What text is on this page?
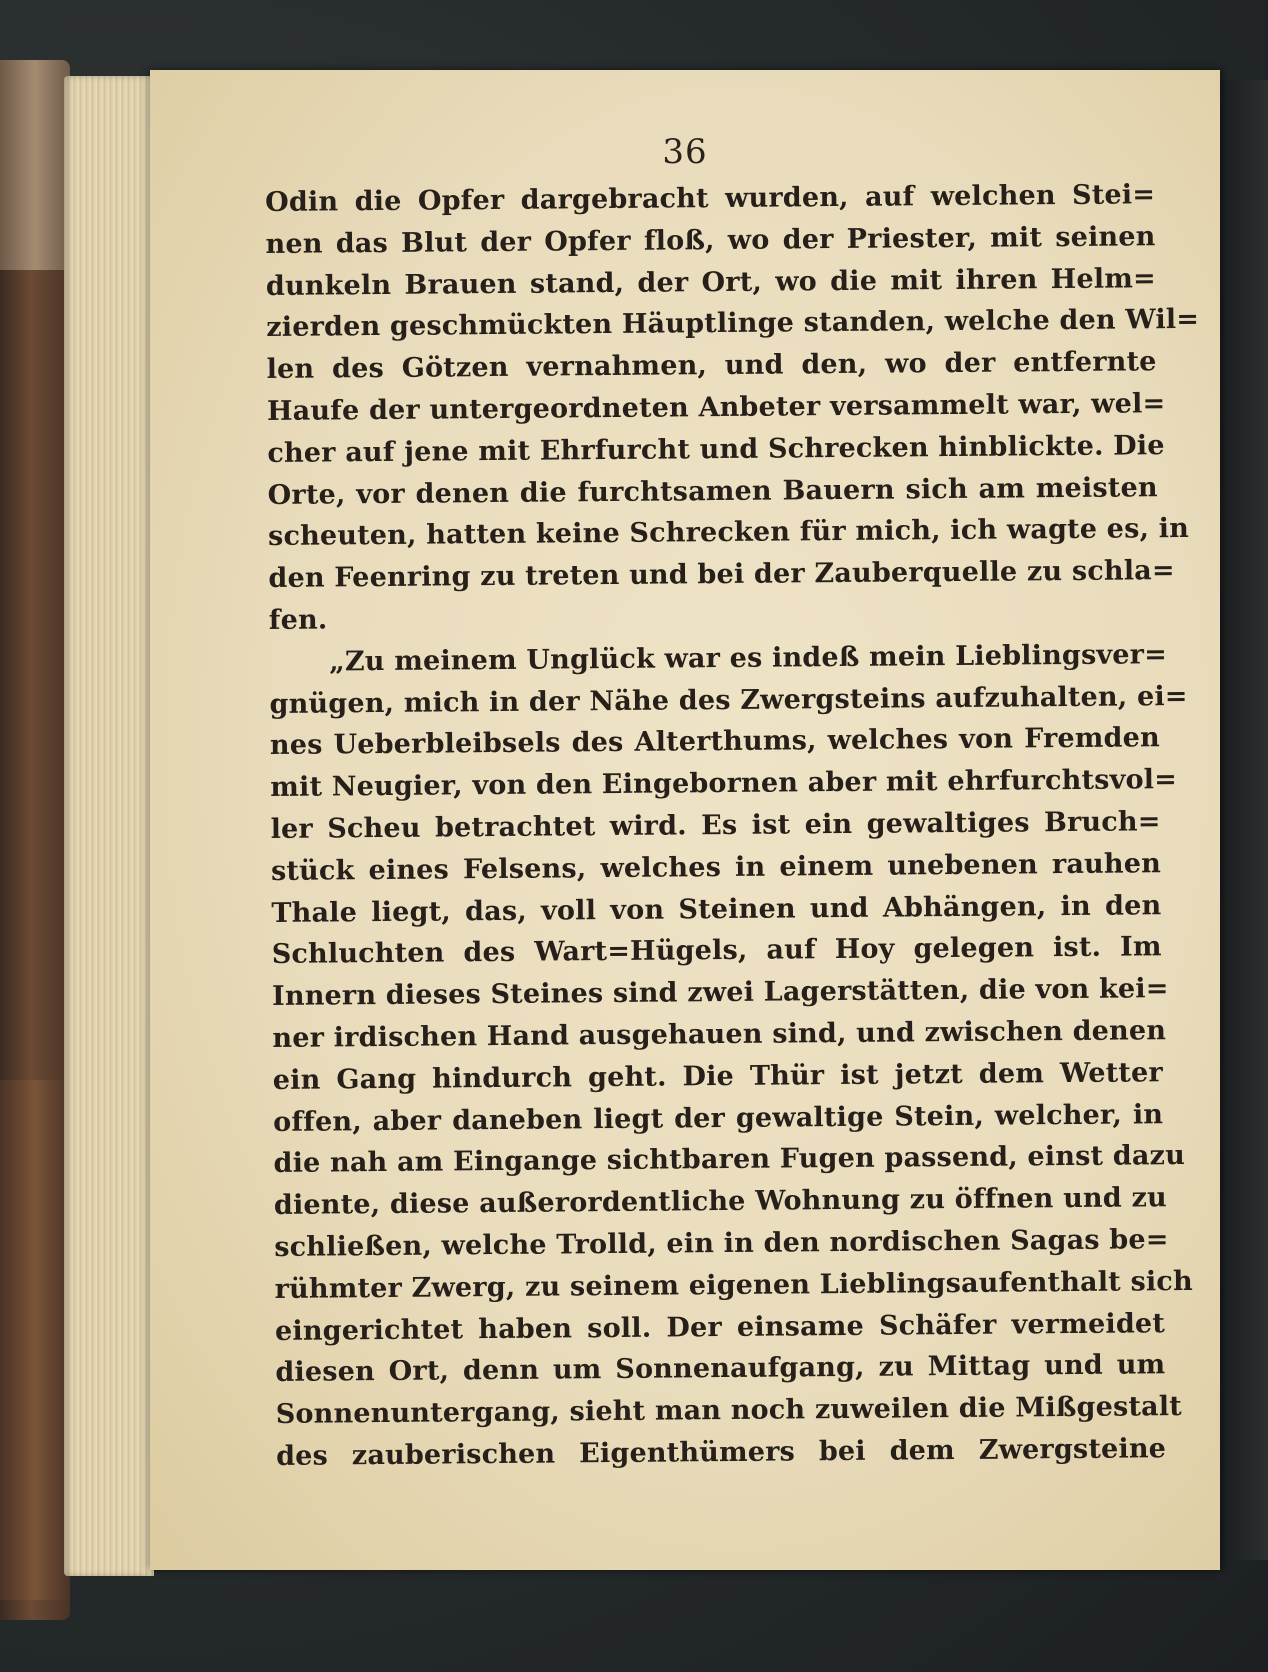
36

Odin die Opfer dargebracht wurden, auf welchen Stei=
nen das Blut der Opfer floß, wo der Priester, mit seinen
dunkeln Brauen stand, der Ort, wo die mit ihren Helm=
zierden geschmückten Häuptlinge standen, welche den Wil=
len des Götzen vernahmen, und den, wo der entfernte
Haufe der untergeordneten Anbeter versammelt war, wel=
cher auf jene mit Ehrfurcht und Schrecken hinblickte. Die
Orte, vor denen die furchtsamen Bauern sich am meisten
scheuten, hatten keine Schrecken für mich, ich wagte es, in
den Feenring zu treten und bei der Zauberquelle zu schla=
fen.
„Zu meinem Unglück war es indeß mein Lieblingsver=
gnügen, mich in der Nähe des Zwergsteins aufzuhalten, ei=
nes Ueberbleibsels des Alterthums, welches von Fremden
mit Neugier, von den Eingebornen aber mit ehrfurchtsvol=
ler Scheu betrachtet wird. Es ist ein gewaltiges Bruch=
stück eines Felsens, welches in einem unebenen rauhen
Thale liegt, das, voll von Steinen und Abhängen, in den
Schluchten des Wart=Hügels, auf Hoy gelegen ist. Im
Innern dieses Steines sind zwei Lagerstätten, die von kei=
ner irdischen Hand ausgehauen sind, und zwischen denen
ein Gang hindurch geht. Die Thür ist jetzt dem Wetter
offen, aber daneben liegt der gewaltige Stein, welcher, in
die nah am Eingange sichtbaren Fugen passend, einst dazu
diente, diese außerordentliche Wohnung zu öffnen und zu
schließen, welche Trolld, ein in den nordischen Sagas be=
rühmter Zwerg, zu seinem eigenen Lieblingsaufenthalt sich
eingerichtet haben soll. Der einsame Schäfer vermeidet
diesen Ort, denn um Sonnenaufgang, zu Mittag und um
Sonnenuntergang, sieht man noch zuweilen die Mißgestalt
des zauberischen Eigenthümers bei dem Zwergsteine
